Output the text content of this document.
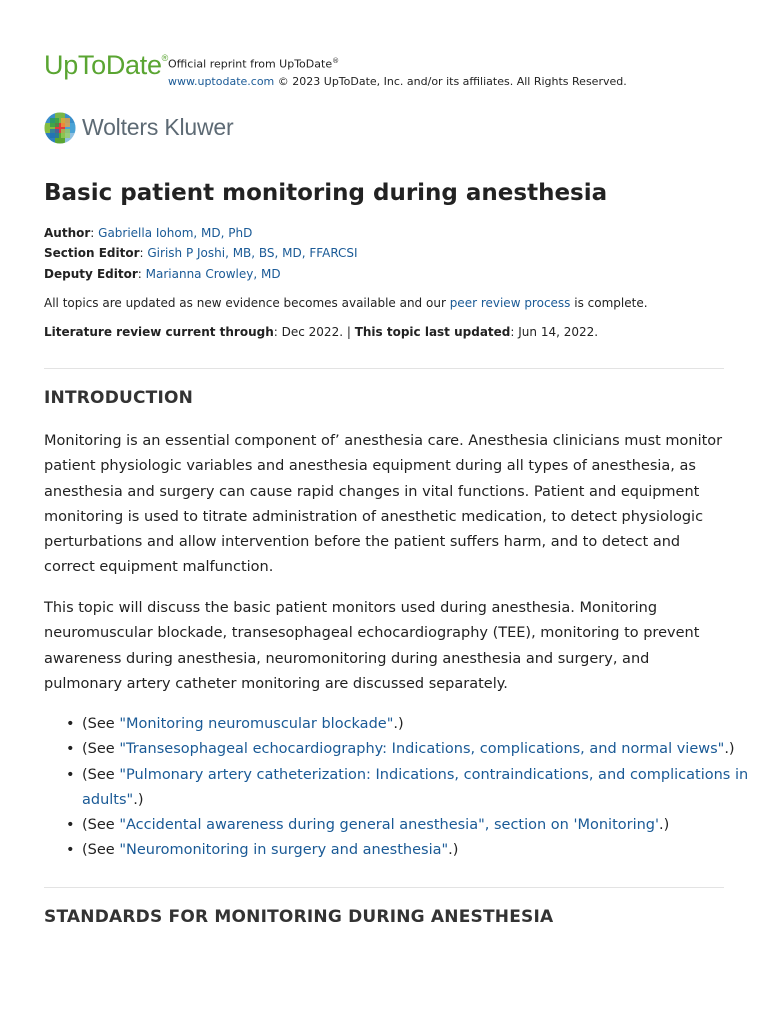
UpToDate® Official reprint from UpToDate®
www.uptodate.com © 2023 UpToDate, Inc. and/or its affiliates. All Rights Reserved.
Wolters Kluwer
Basic patient monitoring during anesthesia
Author: Gabriella Iohom, MD, PhD
Section Editor: Girish P Joshi, MB, BS, MD, FFARCSI
Deputy Editor: Marianna Crowley, MD
All topics are updated as new evidence becomes available and our peer review process is complete.
Literature review current through: Dec 2022. | This topic last updated: Jun 14, 2022.
INTRODUCTION

Monitoring is an essential component of’ anesthesia care. Anesthesia clinicians must monitor patient physiologic variables and anesthesia equipment during all types of anesthesia, as anesthesia and surgery can cause rapid changes in vital functions. Patient and equipment monitoring is used to titrate administration of anesthetic medication, to detect physiologic perturbations and allow intervention before the patient suffers harm, and to detect and correct equipment malfunction.

This topic will discuss the basic patient monitors used during anesthesia. Monitoring neuromuscular blockade, transesophageal echocardiography (TEE), monitoring to prevent awareness during anesthesia, neuromonitoring during anesthesia and surgery, and pulmonary artery catheter monitoring are discussed separately.

• (See "Monitoring neuromuscular blockade".)
• (See "Transesophageal echocardiography: Indications, complications, and normal views".)
• (See "Pulmonary artery catheterization: Indications, contraindications, and complications in adults".)
• (See "Accidental awareness during general anesthesia", section on 'Monitoring'.)
• (See "Neuromonitoring in surgery and anesthesia".)
STANDARDS FOR MONITORING DURING ANESTHESIA
